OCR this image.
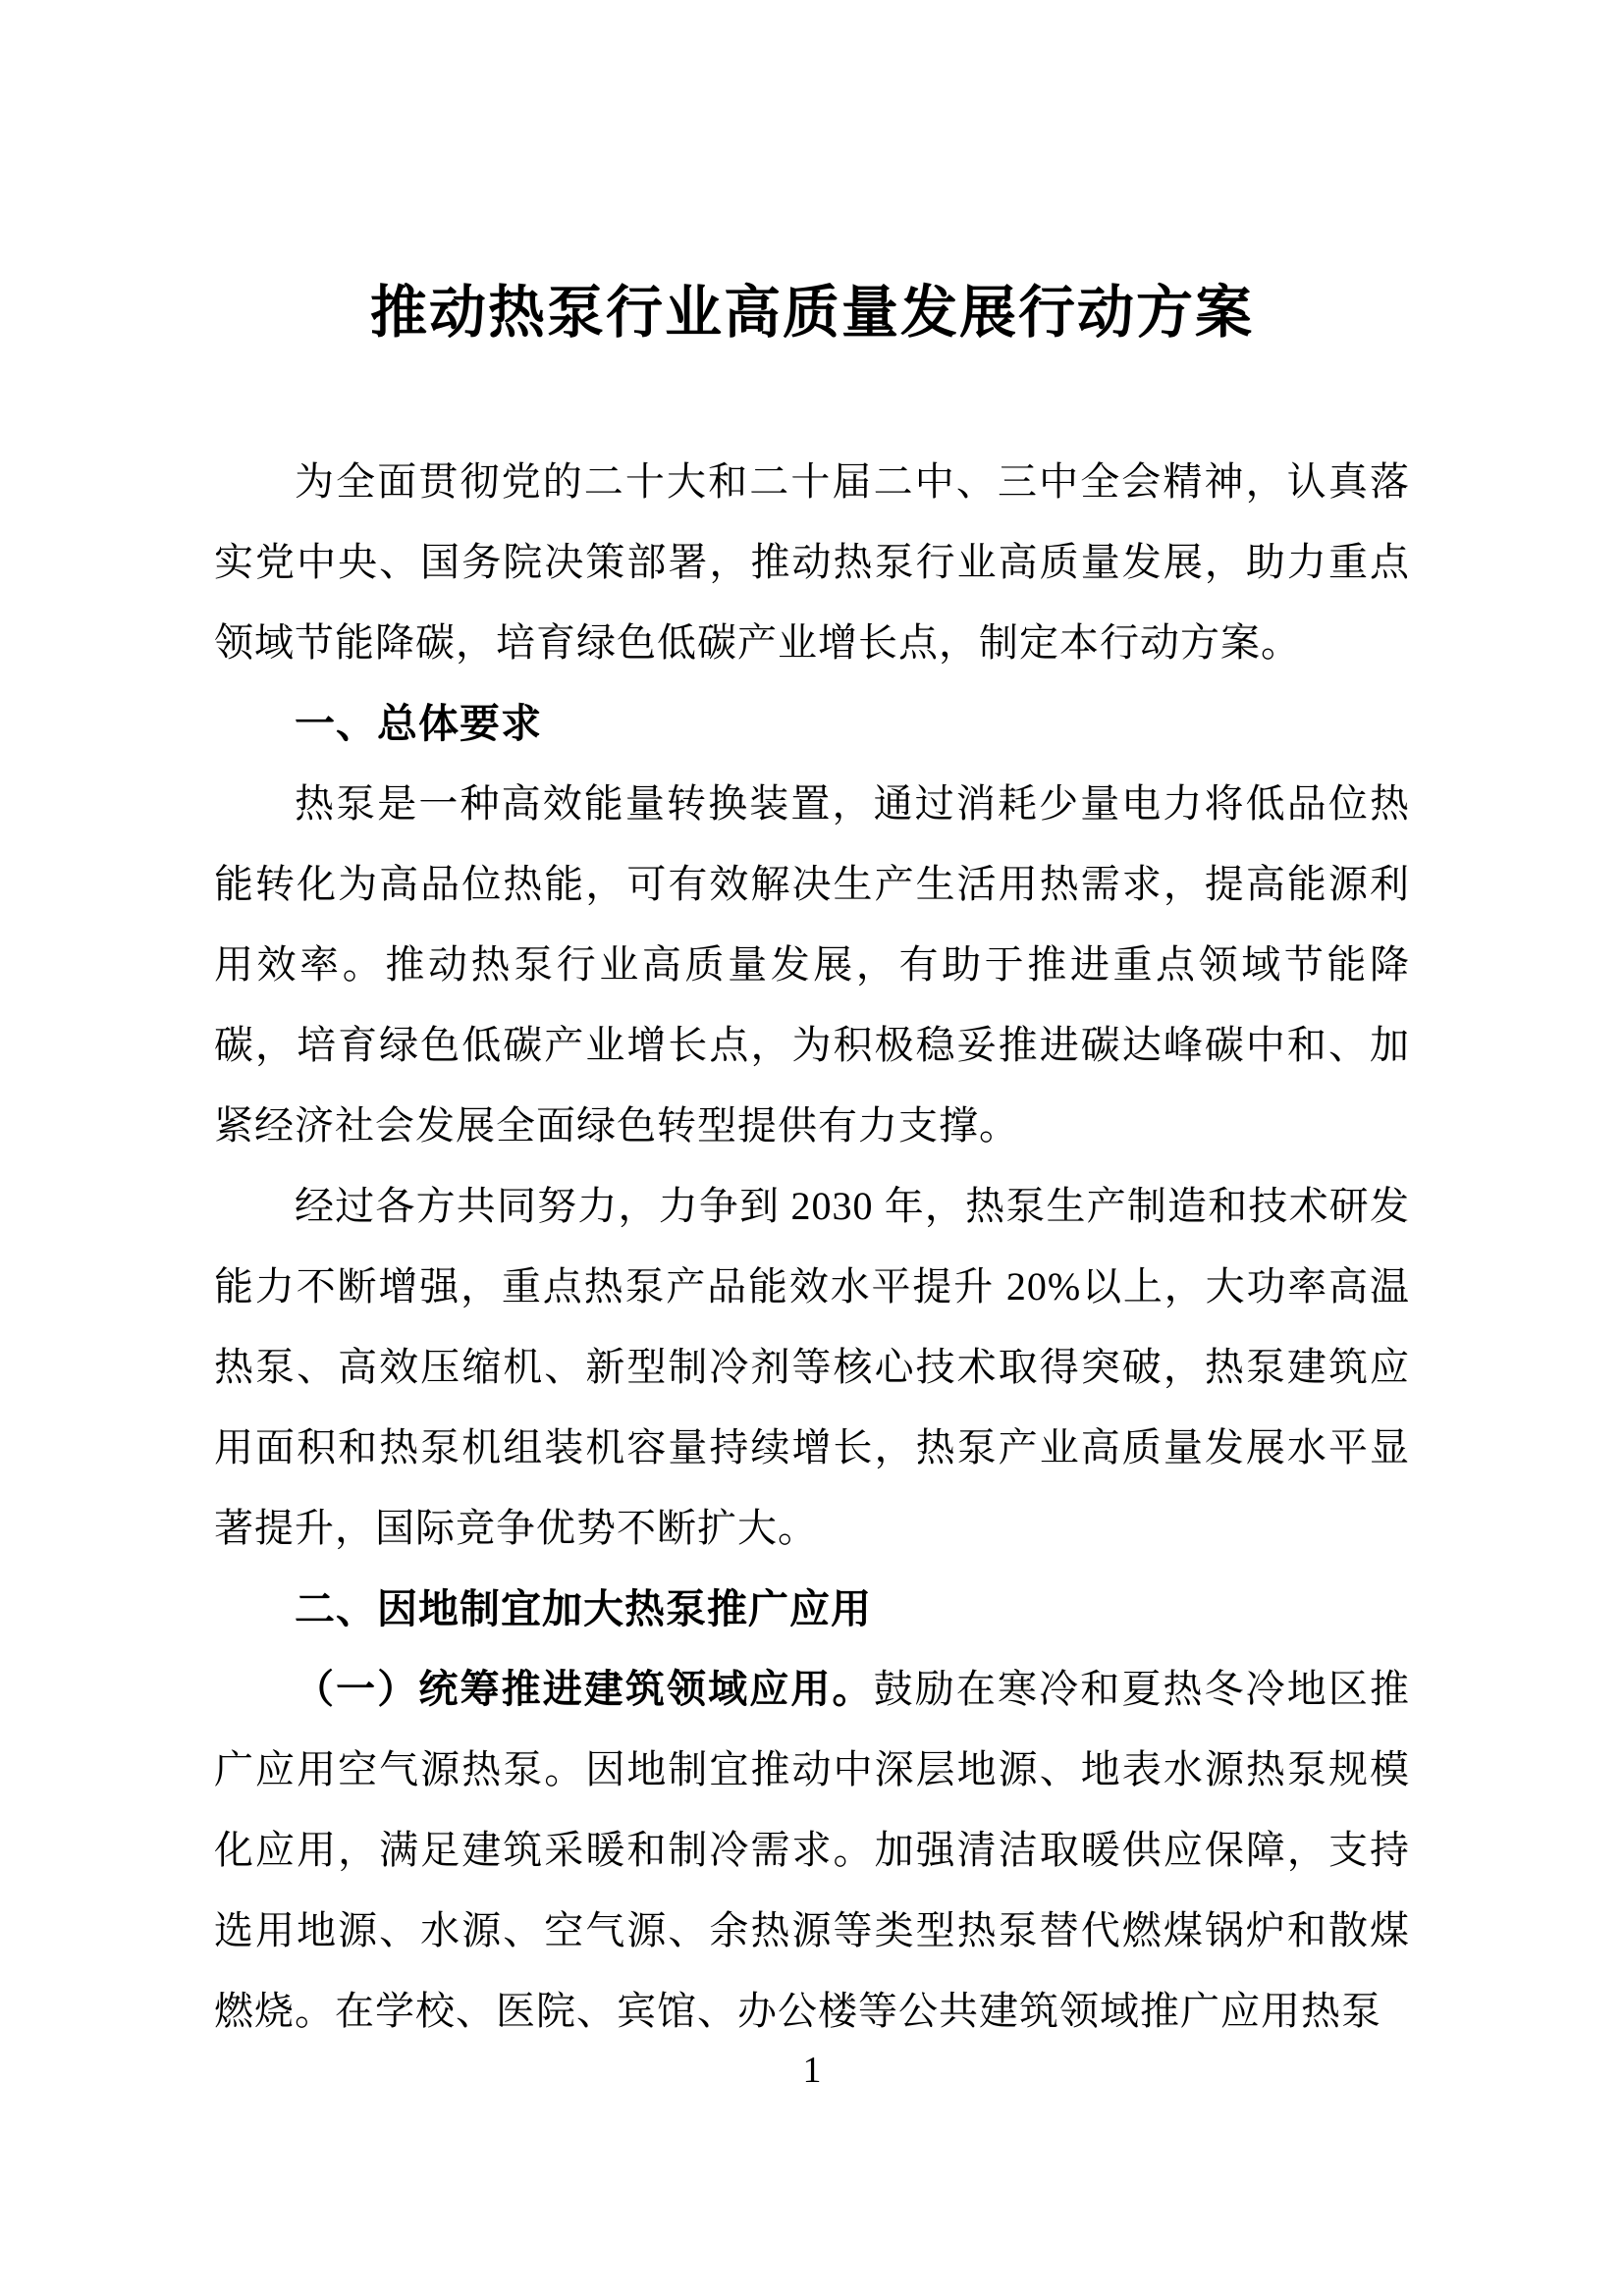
推动热泵行业高质量发展行动方案

为全面贯彻党的二十大和二十届二中、三中全会精神，认真落实党中央、国务院决策部署，推动热泵行业高质量发展，助力重点领域节能降碳，培育绿色低碳产业增长点，制定本行动方案。

一、总体要求

热泵是一种高效能量转换装置，通过消耗少量电力将低品位热能转化为高品位热能，可有效解决生产生活用热需求，提高能源利用效率。推动热泵行业高质量发展，有助于推进重点领域节能降碳，培育绿色低碳产业增长点，为积极稳妥推进碳达峰碳中和、加紧经济社会发展全面绿色转型提供有力支撑。

经过各方共同努力，力争到 2030 年，热泵生产制造和技术研发能力不断增强，重点热泵产品能效水平提升 20%以上，大功率高温热泵、高效压缩机、新型制冷剂等核心技术取得突破，热泵建筑应用面积和热泵机组装机容量持续增长，热泵产业高质量发展水平显著提升，国际竞争优势不断扩大。

二、因地制宜加大热泵推广应用

（一）统筹推进建筑领域应用。鼓励在寒冷和夏热冬冷地区推广应用空气源热泵。因地制宜推动中深层地源、地表水源热泵规模化应用，满足建筑采暖和制冷需求。加强清洁取暖供应保障，支持选用地源、水源、空气源、余热源等类型热泵替代燃煤锅炉和散煤燃烧。在学校、医院、宾馆、办公楼等公共建筑领域推广应用热泵

1
